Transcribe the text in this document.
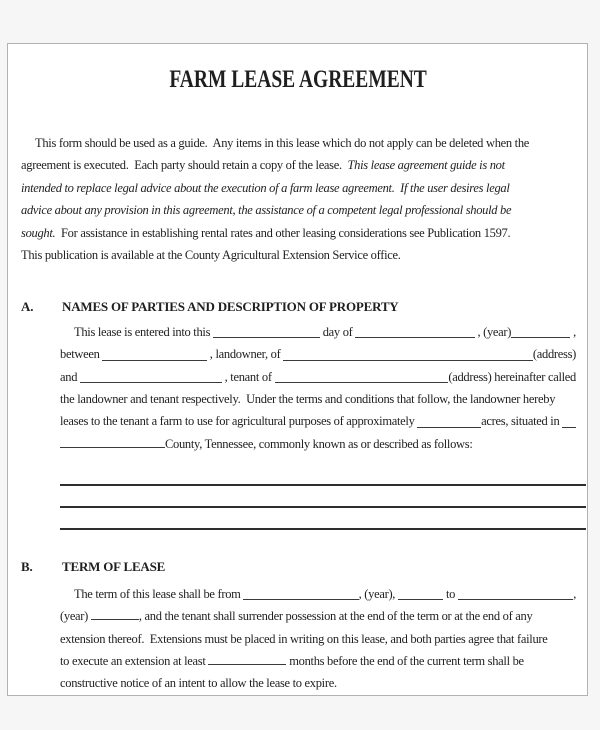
FARM LEASE AGREEMENT
This form should be used as a guide.  Any items in this lease which do not apply can be deleted when the
agreement is executed.  Each party should retain a copy of the lease.  This lease agreement guide is not
intended to replace legal advice about the execution of a farm lease agreement.  If the user desires legal
advice about any provision in this agreement, the assistance of a competent legal professional should be
sought.  For assistance in establishing rental rates and other leasing considerations see Publication 1597.
This publication is available at the County Agricultural Extension Service office.
A.	NAMES OF PARTIES AND DESCRIPTION OF PROPERTY
This lease is entered into this	day of	, (year)	,
between	, landowner, of	(address)
and	, tenant of	(address) hereinafter called
the landowner and tenant respectively.  Under the terms and conditions that follow, the landowner hereby
leases to the tenant a farm to use for agricultural purposes of approximately	acres, situated in
County, Tennessee, commonly known as or described as follows:
B.	TERM OF LEASE
The term of this lease shall be from	, (year),	to	,
(year)	, and the tenant shall surrender possession at the end of the term or at the end of any
extension thereof.  Extensions must be placed in writing on this lease, and both parties agree that failure
to execute an extension at least	months before the end of the current term shall be
constructive notice of an intent to allow the lease to expire.
